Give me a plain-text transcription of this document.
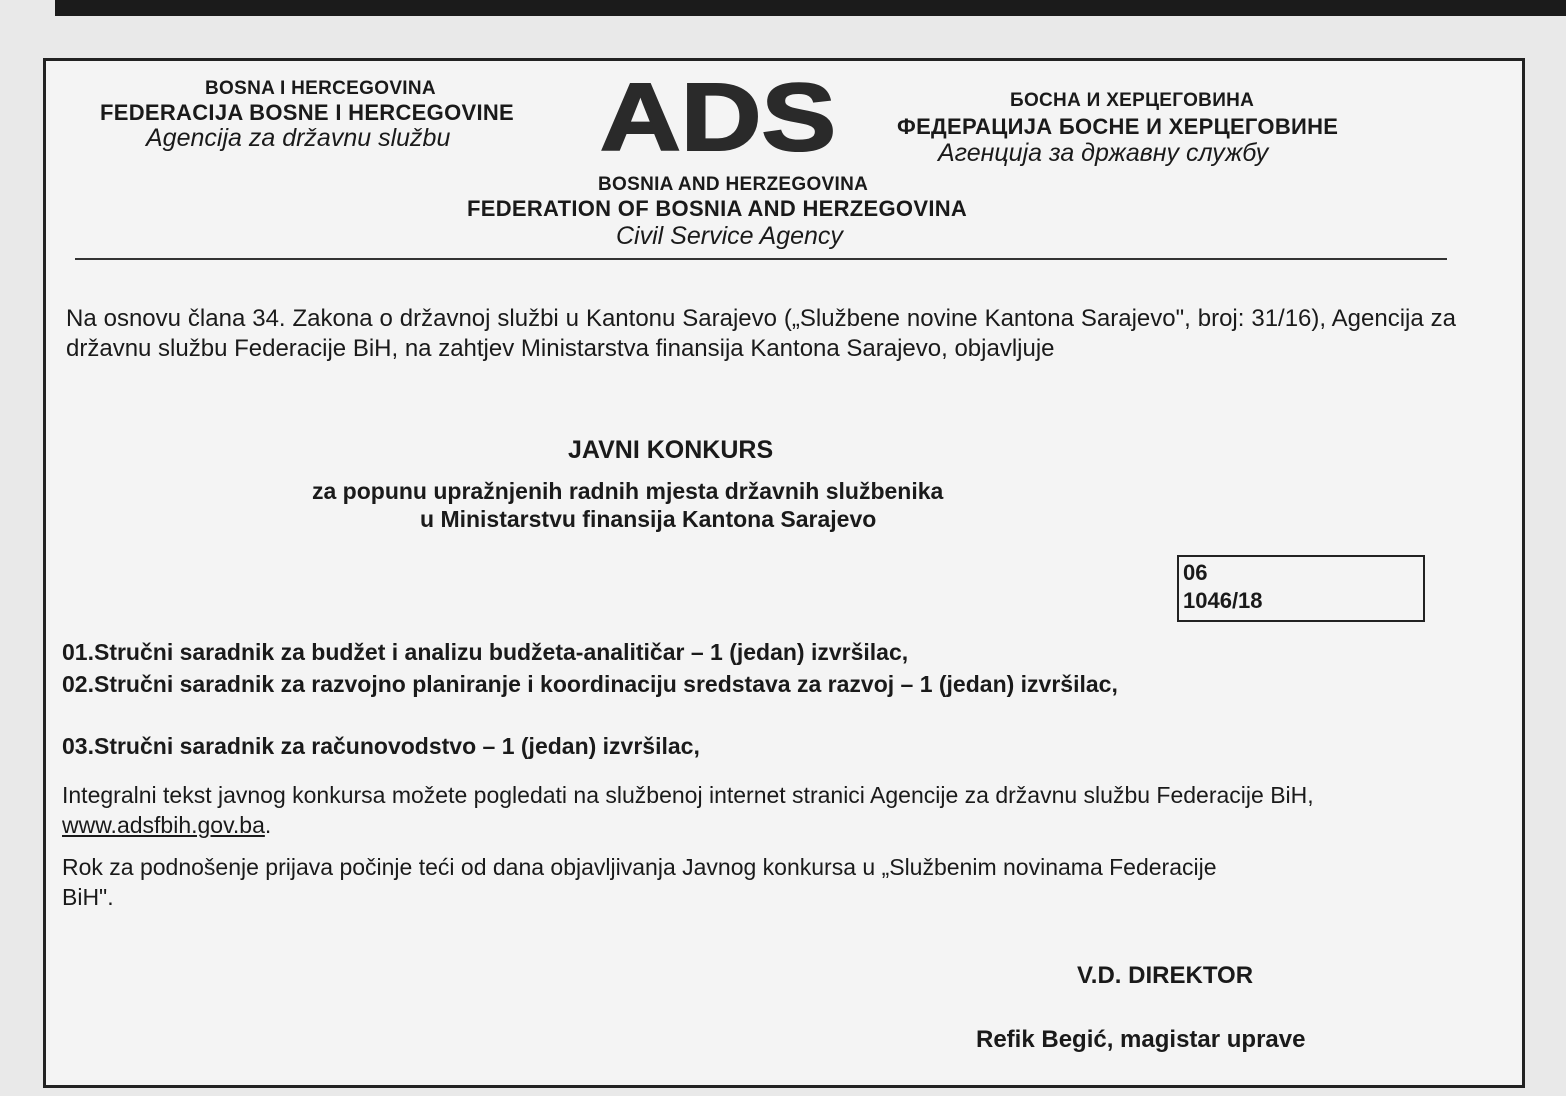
BOSNA I HERCEGOVINA
FEDERACIJA BOSNE I HERCEGOVINE
Agencija za državnu službu ADS	БОСНА И ХЕРЦЕГОВИНА
ФЕДЕРАЦИЈА БОСНЕ И ХЕРЦЕГОВИНЕ
Агенција за државну службу
BOSNIA AND HERZEGOVINA
FEDERATION OF BOSNIA AND HERZEGOVINA
Civil Service Agency
Na osnovu člana 34. Zakona o državnoj službi u Kantonu Sarajevo („Službene novine Kantona Sarajevo", broj: 31/16), Agencija za državnu službu Federacije BiH, na zahtjev Ministarstva finansija Kantona Sarajevo, objavljuje
JAVNI KONKURS
za popunu upražnjenih radnih mjesta državnih službenika
u Ministarstvu finansija Kantona Sarajevo
06
1046/18
01.Stručni saradnik za budžet i analizu budžeta-analitičar – 1 (jedan) izvršilac,
02.Stručni saradnik za razvojno planiranje i koordinaciju sredstava za razvoj – 1 (jedan) izvršilac,
03.Stručni saradnik za računovodstvo – 1 (jedan) izvršilac,
Integralni tekst javnog konkursa možete pogledati na službenoj internet stranici Agencije za državnu službu Federacije BiH,  www.adsfbih.gov.ba.
Rok za podnošenje prijava počinje teći od dana objavljivanja Javnog konkursa u „Službenim novinama Federacije BiH".
V.D. DIREKTOR
Refik Begić, magistar uprave
